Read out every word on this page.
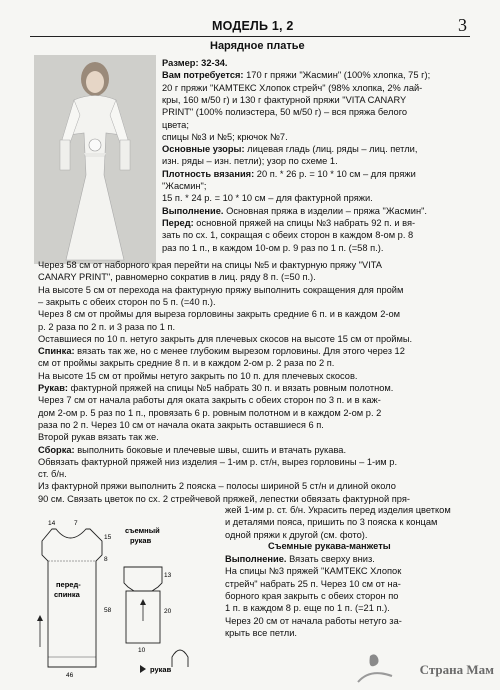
МОДЕЛЬ 1, 2	3
Нарядное платье
Размер: 32-34.
Вам потребуется: 170 г пряжи "Жасмин" (100% хлопка, 75 г);
20 г пряжи "КАМТЕКС Хлопок стрейч" (98% хлопка, 2% лай-
кры, 160 м/50 г) и 130 г фактурной пряжи "VITA CANARY
PRINT" (100% полиэстера, 50 м/50 г) – вся пряжа белого
цвета;
спицы №3 и №5; крючок №7.
Основные узоры: лицевая гладь (лиц. ряды – лиц. петли,
изн. ряды – изн. петли); узор по схеме 1.
Плотность вязания: 20 п. * 26 р. = 10 * 10 см – для пряжи
"Жасмин";
15 п. * 24 р. = 10 * 10 см – для фактурной пряжи.
Выполнение. Основная пряжа в изделии – пряжа "Жасмин".
Перед: основной пряжей на спицы №3 набрать 92 п. и вя-
зать по сх. 1, сокращая с обеих сторон в каждом 8-ом р. 8
раз по 1 п., в каждом 10-ом р. 9 раз по 1 п. (=58 п.).
Через 58 см от наборного края перейти на спицы №5 и фактурную пряжу "VITA
CANARY PRINT", равномерно сократив в лиц. ряду 8 п. (=50 п.).
На высоте 5 см от перехода на фактурную пряжу выполнить сокращения для пройм
– закрыть с обеих сторон по 5 п. (=40 п.).
Через 8 см от проймы для выреза горловины закрыть средние 6 п. и в каждом 2-ом
р. 2 раза по 2 п. и 3 раза по 1 п.
Оставшиеся по 10 п. нетугo закрыть для плечевых скосов на высоте 15 см от проймы.
Спинка: вязать так же, но с менее глубоким вырезом горловины. Для этого через 12
см от проймы закрыть средние 8 п. и в каждом 2-ом р. 2 раза по 2 п.
На высоте 15 см от проймы нетугo закрыть по 10 п. для плечевых скосов.
Рукав: фактурной пряжей на спицы №5 набрать 30 п. и вязать ровным полотном.
Через 7 см от начала работы для оката закрыть с обеих сторон по 3 п. и в каж-
дом 2-ом р. 5 раз по 1 п., провязать 6 р. ровным полотном и в каждом 2-ом р. 2
раза по 2 п. Через 10 см от начала оката закрыть оставшиеся 6 п.
Второй рукав вязать так же.
Сборка: выполнить боковые и плечевые швы, сшить и втачать рукава.
Обвязать фактурной пряжей низ изделия – 1-им р. ст/н, вырез горловины – 1-им р.
ст. б/н.
Из фактурной пряжи выполнить 2 пояска – полосы шириной 5 ст/н и длиной около
90 см. Связать цветок по сх. 2 стрейчевой пряжей, лепестки обвязать фактурной пря-
жей 1-им р. ст. б/н. Украсить перед изделия цветком
и деталями пояса, пришить по 3 пояска к концам
одной пряжи к другой (см. фото).
Съемные рукава-манжеты
Выполнение. Вязать сверху вниз.
На спицы №3 пряжей "КАМТЕКС Хлопок
стрейч" набрать 25 п. Через 10 см от на-
борного края закрыть с обеих сторон по
1 п. в каждом 8 р. еще по 1 п. (=21 п.).
Через 20 см от начала работы нетугo за-
крыть все петли.
перед-
спинка
14	7
15
8
58
46
съемный
рукав
13
20
10
рукав	Страна Мам
